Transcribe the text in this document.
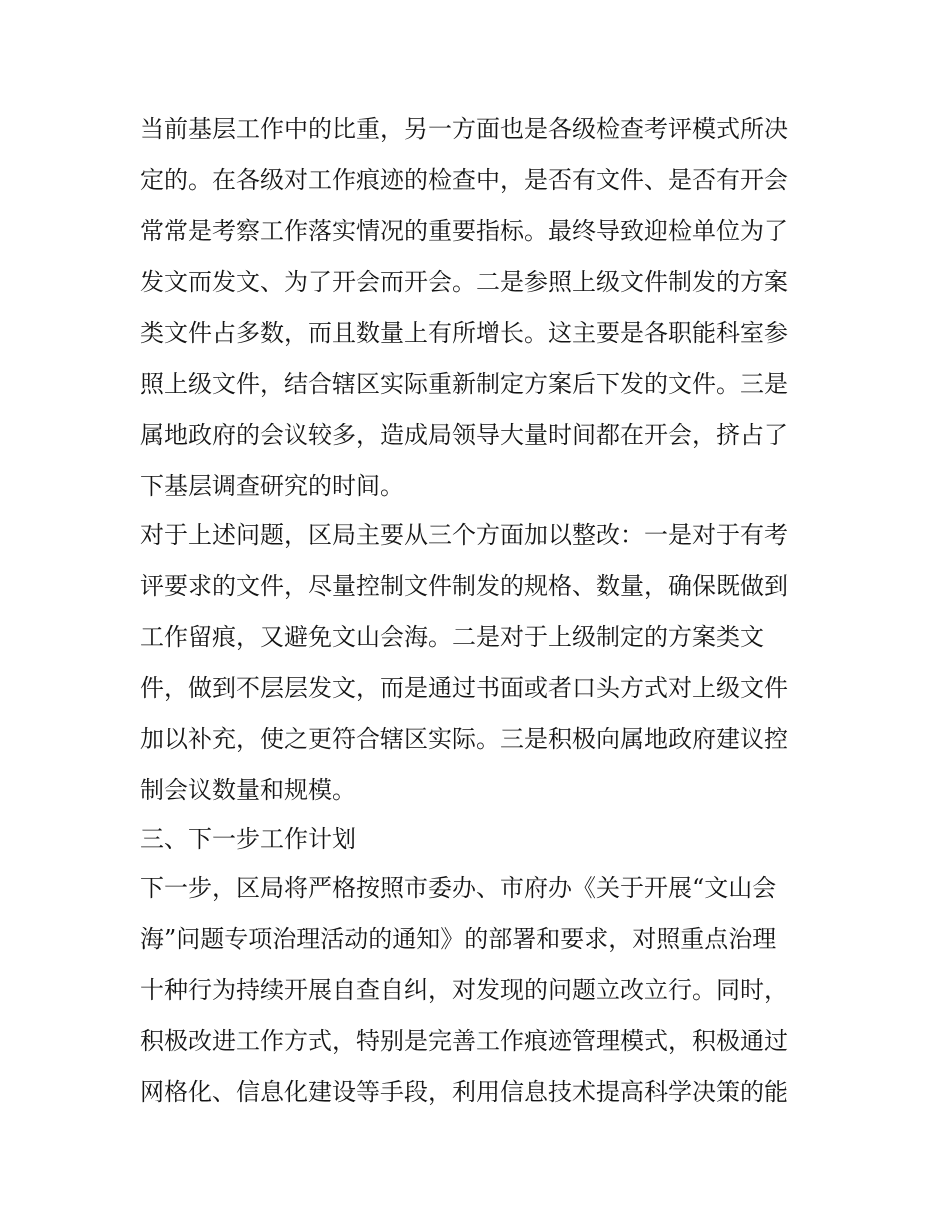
当前基层工作中的比重，另一方面也是各级检查考评模式所决
定的。在各级对工作痕迹的检查中，是否有文件、是否有开会
常常是考察工作落实情况的重要指标。最终导致迎检单位为了
发文而发文、为了开会而开会。二是参照上级文件制发的方案
类文件占多数，而且数量上有所增长。这主要是各职能科室参
照上级文件，结合辖区实际重新制定方案后下发的文件。三是
属地政府的会议较多，造成局领导大量时间都在开会，挤占了
下基层调查研究的时间。
对于上述问题，区局主要从三个方面加以整改：一是对于有考
评要求的文件，尽量控制文件制发的规格、数量，确保既做到
工作留痕，又避免文山会海。二是对于上级制定的方案类文
件，做到不层层发文，而是通过书面或者口头方式对上级文件
加以补充，使之更符合辖区实际。三是积极向属地政府建议控
制会议数量和规模。
三、下一步工作计划
下一步，区局将严格按照市委办、市府办《关于开展“文山会
海”问题专项治理活动的通知》的部署和要求，对照重点治理
十种行为持续开展自查自纠，对发现的问题立改立行。同时，
积极改进工作方式，特别是完善工作痕迹管理模式，积极通过
网格化、信息化建设等手段，利用信息技术提高科学决策的能
